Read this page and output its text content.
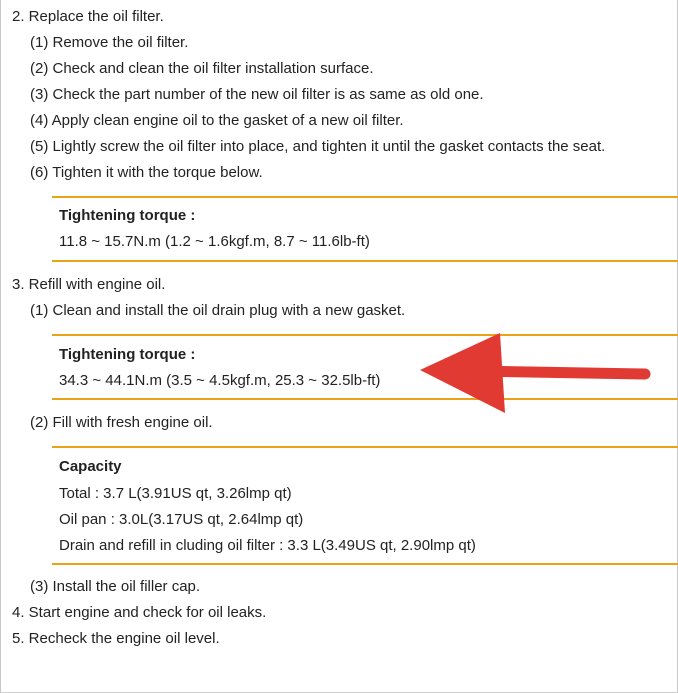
2. Replace the oil filter.
(1) Remove the oil filter.
(2) Check and clean the oil filter installation surface.
(3) Check the part number of the new oil filter is as same as old one.
(4) Apply clean engine oil to the gasket of a new oil filter.
(5) Lightly screw the oil filter into place, and tighten it until the gasket contacts the seat.
(6) Tighten it with the torque below.
Tightening torque :
11.8 ~ 15.7N.m (1.2 ~ 1.6kgf.m, 8.7 ~ 11.6lb-ft)
3. Refill with engine oil.
(1) Clean and install the oil drain plug with a new gasket.
Tightening torque :
34.3 ~ 44.1N.m (3.5 ~ 4.5kgf.m, 25.3 ~ 32.5lb-ft)
(2) Fill with fresh engine oil.
Capacity
Total : 3.7 L(3.91US qt, 3.26lmp qt)
Oil pan : 3.0L(3.17US qt, 2.64lmp qt)
Drain and refill in cluding oil filter : 3.3 L(3.49US qt, 2.90lmp qt)
(3) Install the oil filler cap.
4. Start engine and check for oil leaks.
5. Recheck the engine oil level.
